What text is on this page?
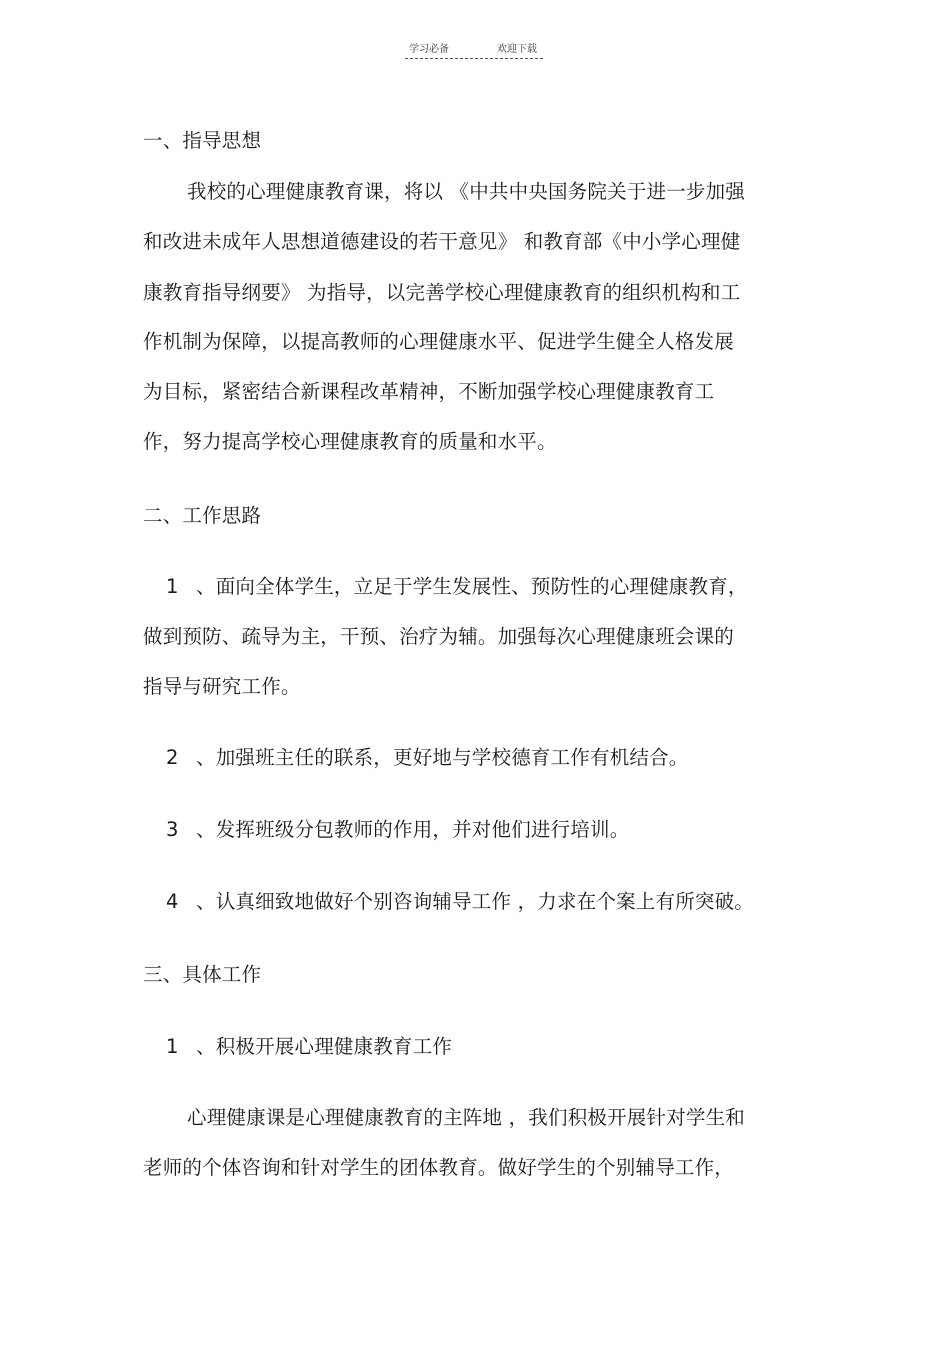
学习必备	欢迎下载
一、指导思想
我校的心理健康教育课，将以 《中共中央国务院关于进一步加强
和改进未成年人思想道德建设的若干意见》 和教育部《中小学心理健
康教育指导纲要》 为指导，以完善学校心理健康教育的组织机构和工
作机制为保障，以提高教师的心理健康水平、促进学生健全人格发展
为目标，紧密结合新课程改革精神，不断加强学校心理健康教育工
作，努力提高学校心理健康教育的质量和水平。
二、工作思路
1 、面向全体学生，立足于学生发展性、预防性的心理健康教育，
做到预防、疏导为主，干预、治疗为辅。加强每次心理健康班会课的
指导与研究工作。
2 、加强班主任的联系，更好地与学校德育工作有机结合。
3 、发挥班级分包教师的作用，并对他们进行培训。
4 、认真细致地做好个别咨询辅导工作 ，力求在个案上有所突破。
三、具体工作
1 、积极开展心理健康教育工作
心理健康课是心理健康教育的主阵地 ，我们积极开展针对学生和
老师的个体咨询和针对学生的团体教育。做好学生的个别辅导工作，
